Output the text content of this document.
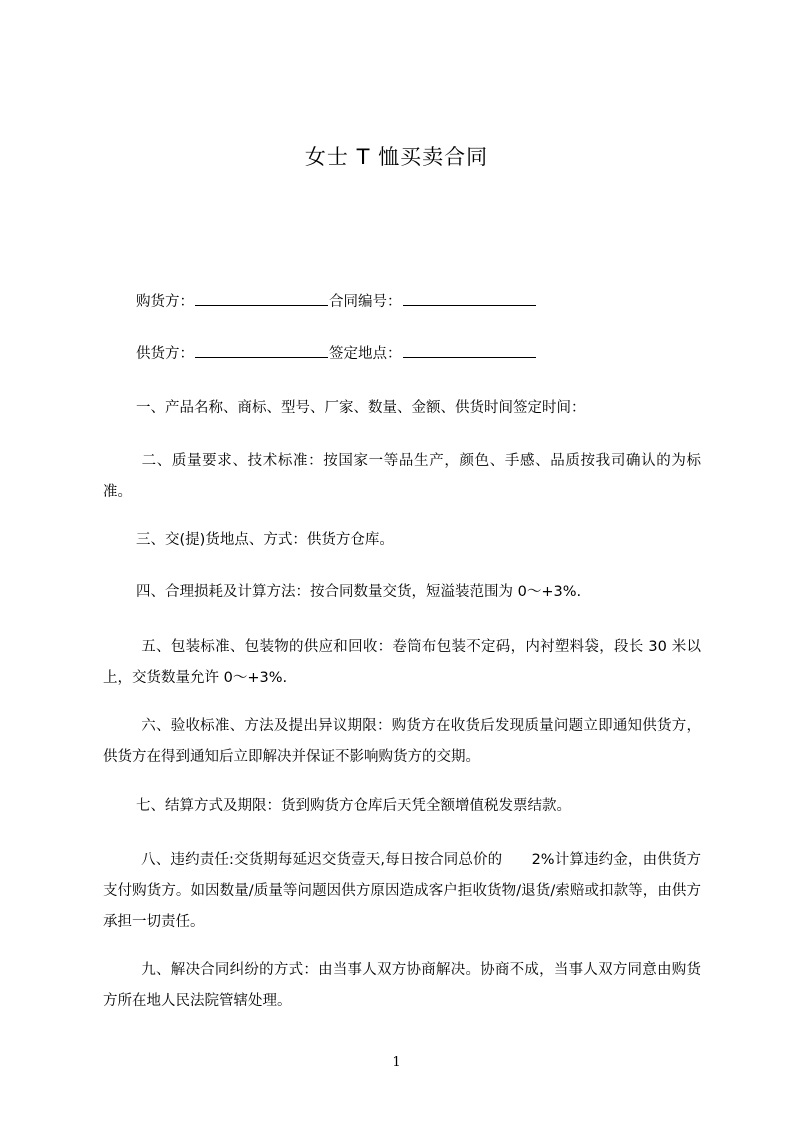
女士 T 恤买卖合同
购货方：	合同编号：
供货方：	签定地点：
一、产品名称、商标、型号、厂家、数量、金额、供货时间签定时间：
二、质量要求、技术标准：按国家一等品生产，颜色、手感、品质按我司确认的为标准。
三、交(提)货地点、方式：供货方仓库。
四、合理损耗及计算方法：按合同数量交货，短溢装范围为 0～+3%.
五、包装标准、包装物的供应和回收：卷筒布包装不定码，内衬塑料袋，段长 30 米以上，交货数量允许 0～+3%.
六、验收标准、方法及提出异议期限：购货方在收货后发现质量问题立即通知供货方，供货方在得到通知后立即解决并保证不影响购货方的交期。
七、结算方式及期限：货到购货方仓库后天凭全额增值税发票结款。
八、违约责任:交货期每延迟交货壹天,每日按合同总价的　　2%计算违约金，由供货方支付购货方。如因数量/质量等问题因供方原因造成客户拒收货物/退货/索赔或扣款等，由供方承担一切责任。
九、解决合同纠纷的方式：由当事人双方协商解决。协商不成，当事人双方同意由购货方所在地人民法院管辖处理。
1
